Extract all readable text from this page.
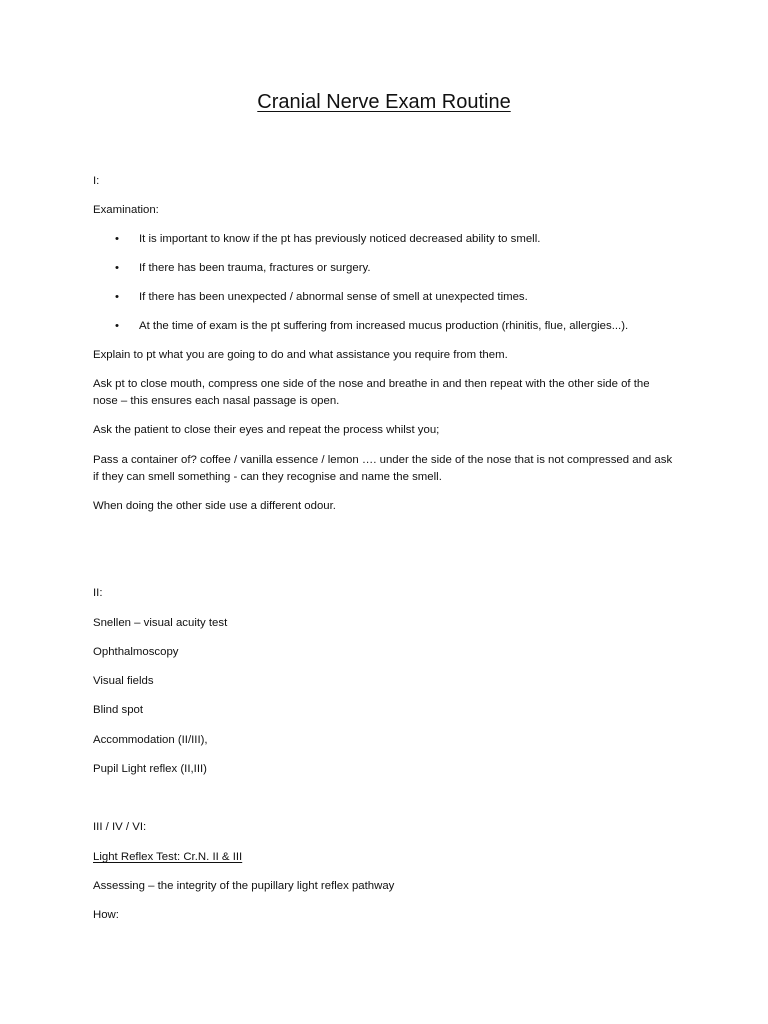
Cranial Nerve Exam Routine
I:
Examination:
•	It is important to know if the pt has previously noticed decreased ability to smell.
•	If there has been trauma, fractures or surgery.
•	If there has been unexpected / abnormal sense of smell at unexpected times.
•	At the time of exam is the pt suffering from increased mucus production (rhinitis, flue, allergies...).
Explain to pt what you are going to do and what assistance you require from them.
Ask pt to close mouth, compress one side of the nose and breathe in and then repeat with the other side of the nose – this ensures each nasal passage is open.
Ask the patient to close their eyes and repeat the process whilst you;
Pass a container of? coffee / vanilla essence / lemon …. under the side of the nose that is not compressed and ask if they can smell something - can they recognise and name the smell.
When doing the other side use a different odour.
II:
Snellen – visual acuity test
Ophthalmoscopy
Visual fields
Blind spot
Accommodation (II/III),
Pupil Light reflex (II,III)
III / IV / VI:
Light Reflex Test: Cr.N. II & III
Assessing – the integrity of the pupillary light reflex pathway
How:
